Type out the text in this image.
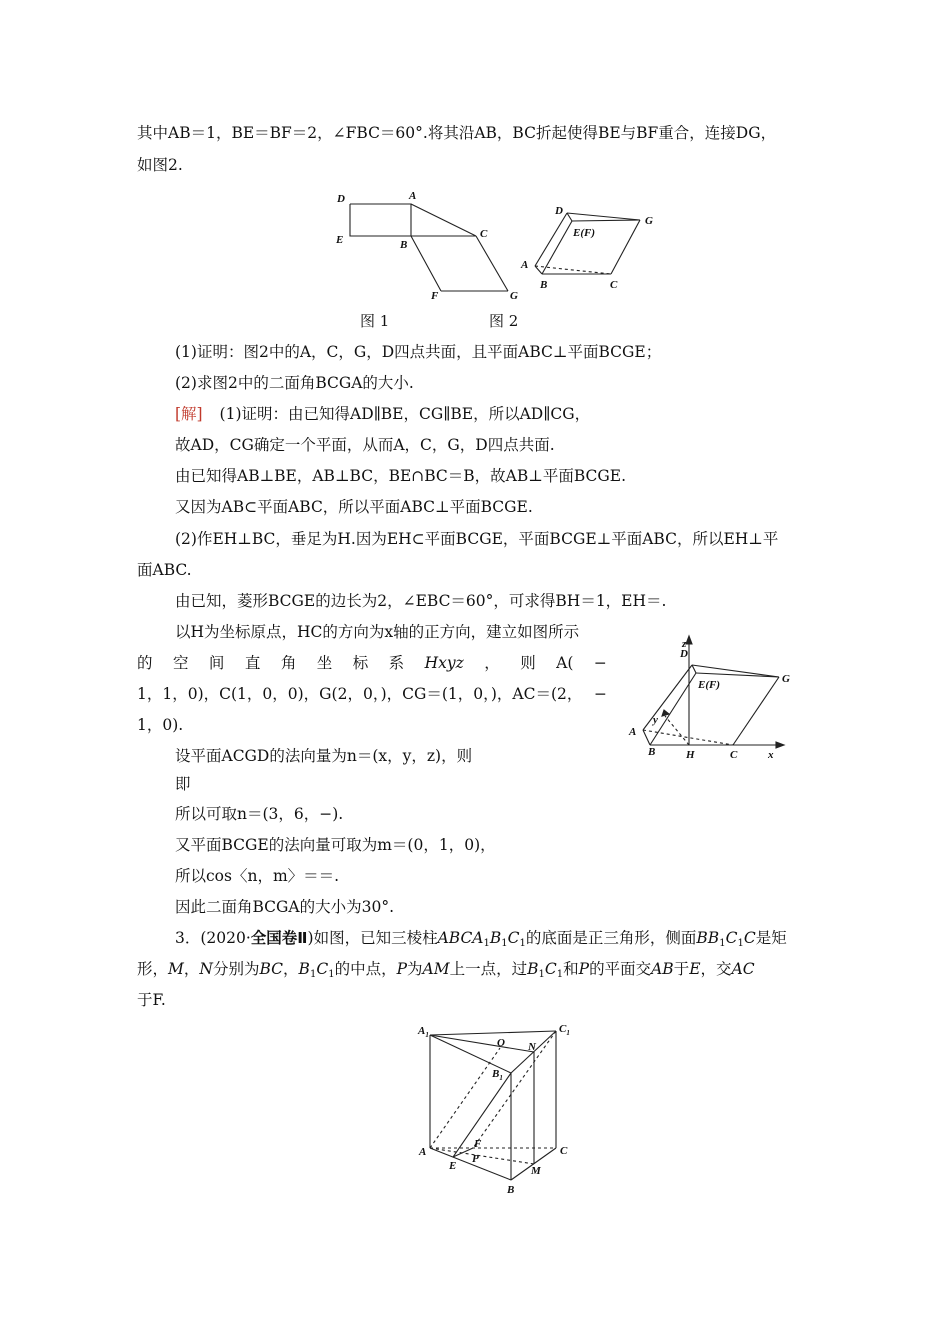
其中AB＝1，BE＝BF＝2，∠FBC＝60°.将其沿AB，BC折起使得BE与BF重合，连接DG，
如图2.
D	A
E	B
C
F	G
D
G
E(F)
A
B	C
图 1	图 2
(1)证明：图2中的A，C，G，D四点共面，且平面ABC⊥平面BCGE；
(2)求图2中的二面角BCGA的大小.
[解] (1)证明：由已知得AD∥BE，CG∥BE，所以AD∥CG，
故AD，CG确定一个平面，从而A，C，G，D四点共面.
由已知得AB⊥BE，AB⊥BC，BE∩BC＝B，故AB⊥平面BCGE.
又因为AB⊂平面ABC，所以平面ABC⊥平面BCGE.
(2)作EH⊥BC，垂足为H.因为EH⊂平面BCGE，平面BCGE⊥平面ABC，所以EH⊥平
面ABC.
由已知，菱形BCGE的边长为2，∠EBC＝60°，可求得BH＝1，EH＝.
以H为坐标原点，HC的方向为x轴的正方向，建立如图所示
的 空 间 直 角 坐 标 系 Hxyz ， 则 A( −
1，1，0)，C(1，0，0)，G(2，0，)，CG＝(1，0，)，AC＝(2， −
1，0).
设平面ACGD的法向量为n＝(x，y，z)，则
即
所以可取n＝(3，6，−).
又平面BCGE的法向量可取为m＝(0，1，0)，
所以cos〈n，m〉＝＝.
因此二面角BCGA的大小为30°.
D
z
G
E(F)
y
A
B	H	C	x
3．(2020·全国卷Ⅱ)如图，已知三棱柱$ABCA_1B_1C_1$的底面是正三角形，侧面$BB_1C_1C$是矩
形，M，N分别为BC，$B_1C_1$的中点，P为AM上一点，过$B_1C_1$和P的平面交AB于E，交AC
于F.
$A_1$
O N
$C_1$
$B_1$
F
A
E
P
C
M
B
